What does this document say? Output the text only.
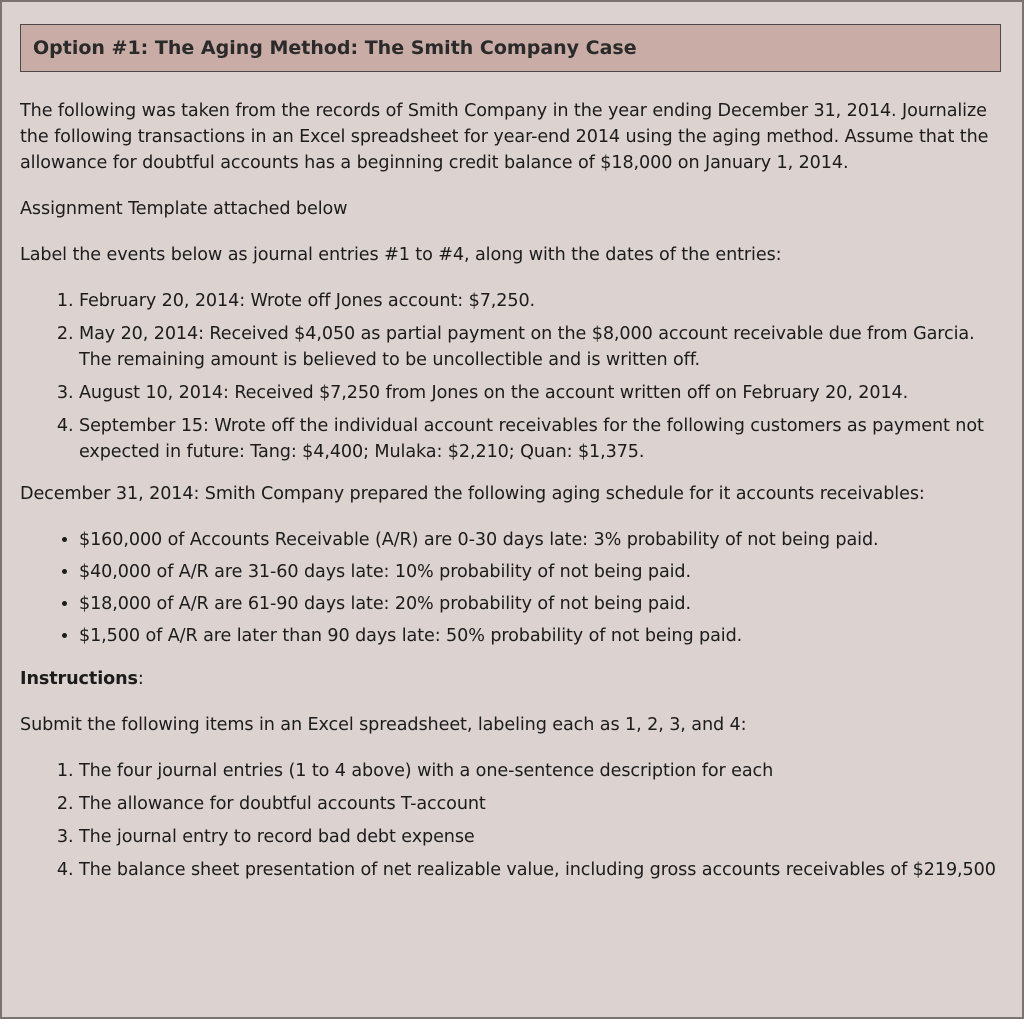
Option #1: The Aging Method: The Smith Company Case

The following was taken from the records of Smith Company in the year ending December 31, 2014. Journalize the following transactions in an Excel spreadsheet for year-end 2014 using the aging method. Assume that the allowance for doubtful accounts has a beginning credit balance of $18,000 on January 1, 2014.

Assignment Template attached below

Label the events below as journal entries #1 to #4, along with the dates of the entries:

1. February 20, 2014: Wrote off Jones account: $7,250.
2. May 20, 2014: Received $4,050 as partial payment on the $8,000 account receivable due from Garcia. The remaining amount is believed to be uncollectible and is written off.
3. August 10, 2014: Received $7,250 from Jones on the account written off on February 20, 2014.
4. September 15: Wrote off the individual account receivables for the following customers as payment not expected in future: Tang: $4,400; Mulaka: $2,210; Quan: $1,375.

December 31, 2014: Smith Company prepared the following aging schedule for it accounts receivables:

• $160,000 of Accounts Receivable (A/R) are 0-30 days late: 3% probability of not being paid.
• $40,000 of A/R are 31-60 days late: 10% probability of not being paid.
• $18,000 of A/R are 61-90 days late: 20% probability of not being paid.
• $1,500 of A/R are later than 90 days late: 50% probability of not being paid.

Instructions:

Submit the following items in an Excel spreadsheet, labeling each as 1, 2, 3, and 4:

1. The four journal entries (1 to 4 above) with a one-sentence description for each
2. The allowance for doubtful accounts T-account
3. The journal entry to record bad debt expense
4. The balance sheet presentation of net realizable value, including gross accounts receivables of $219,500
